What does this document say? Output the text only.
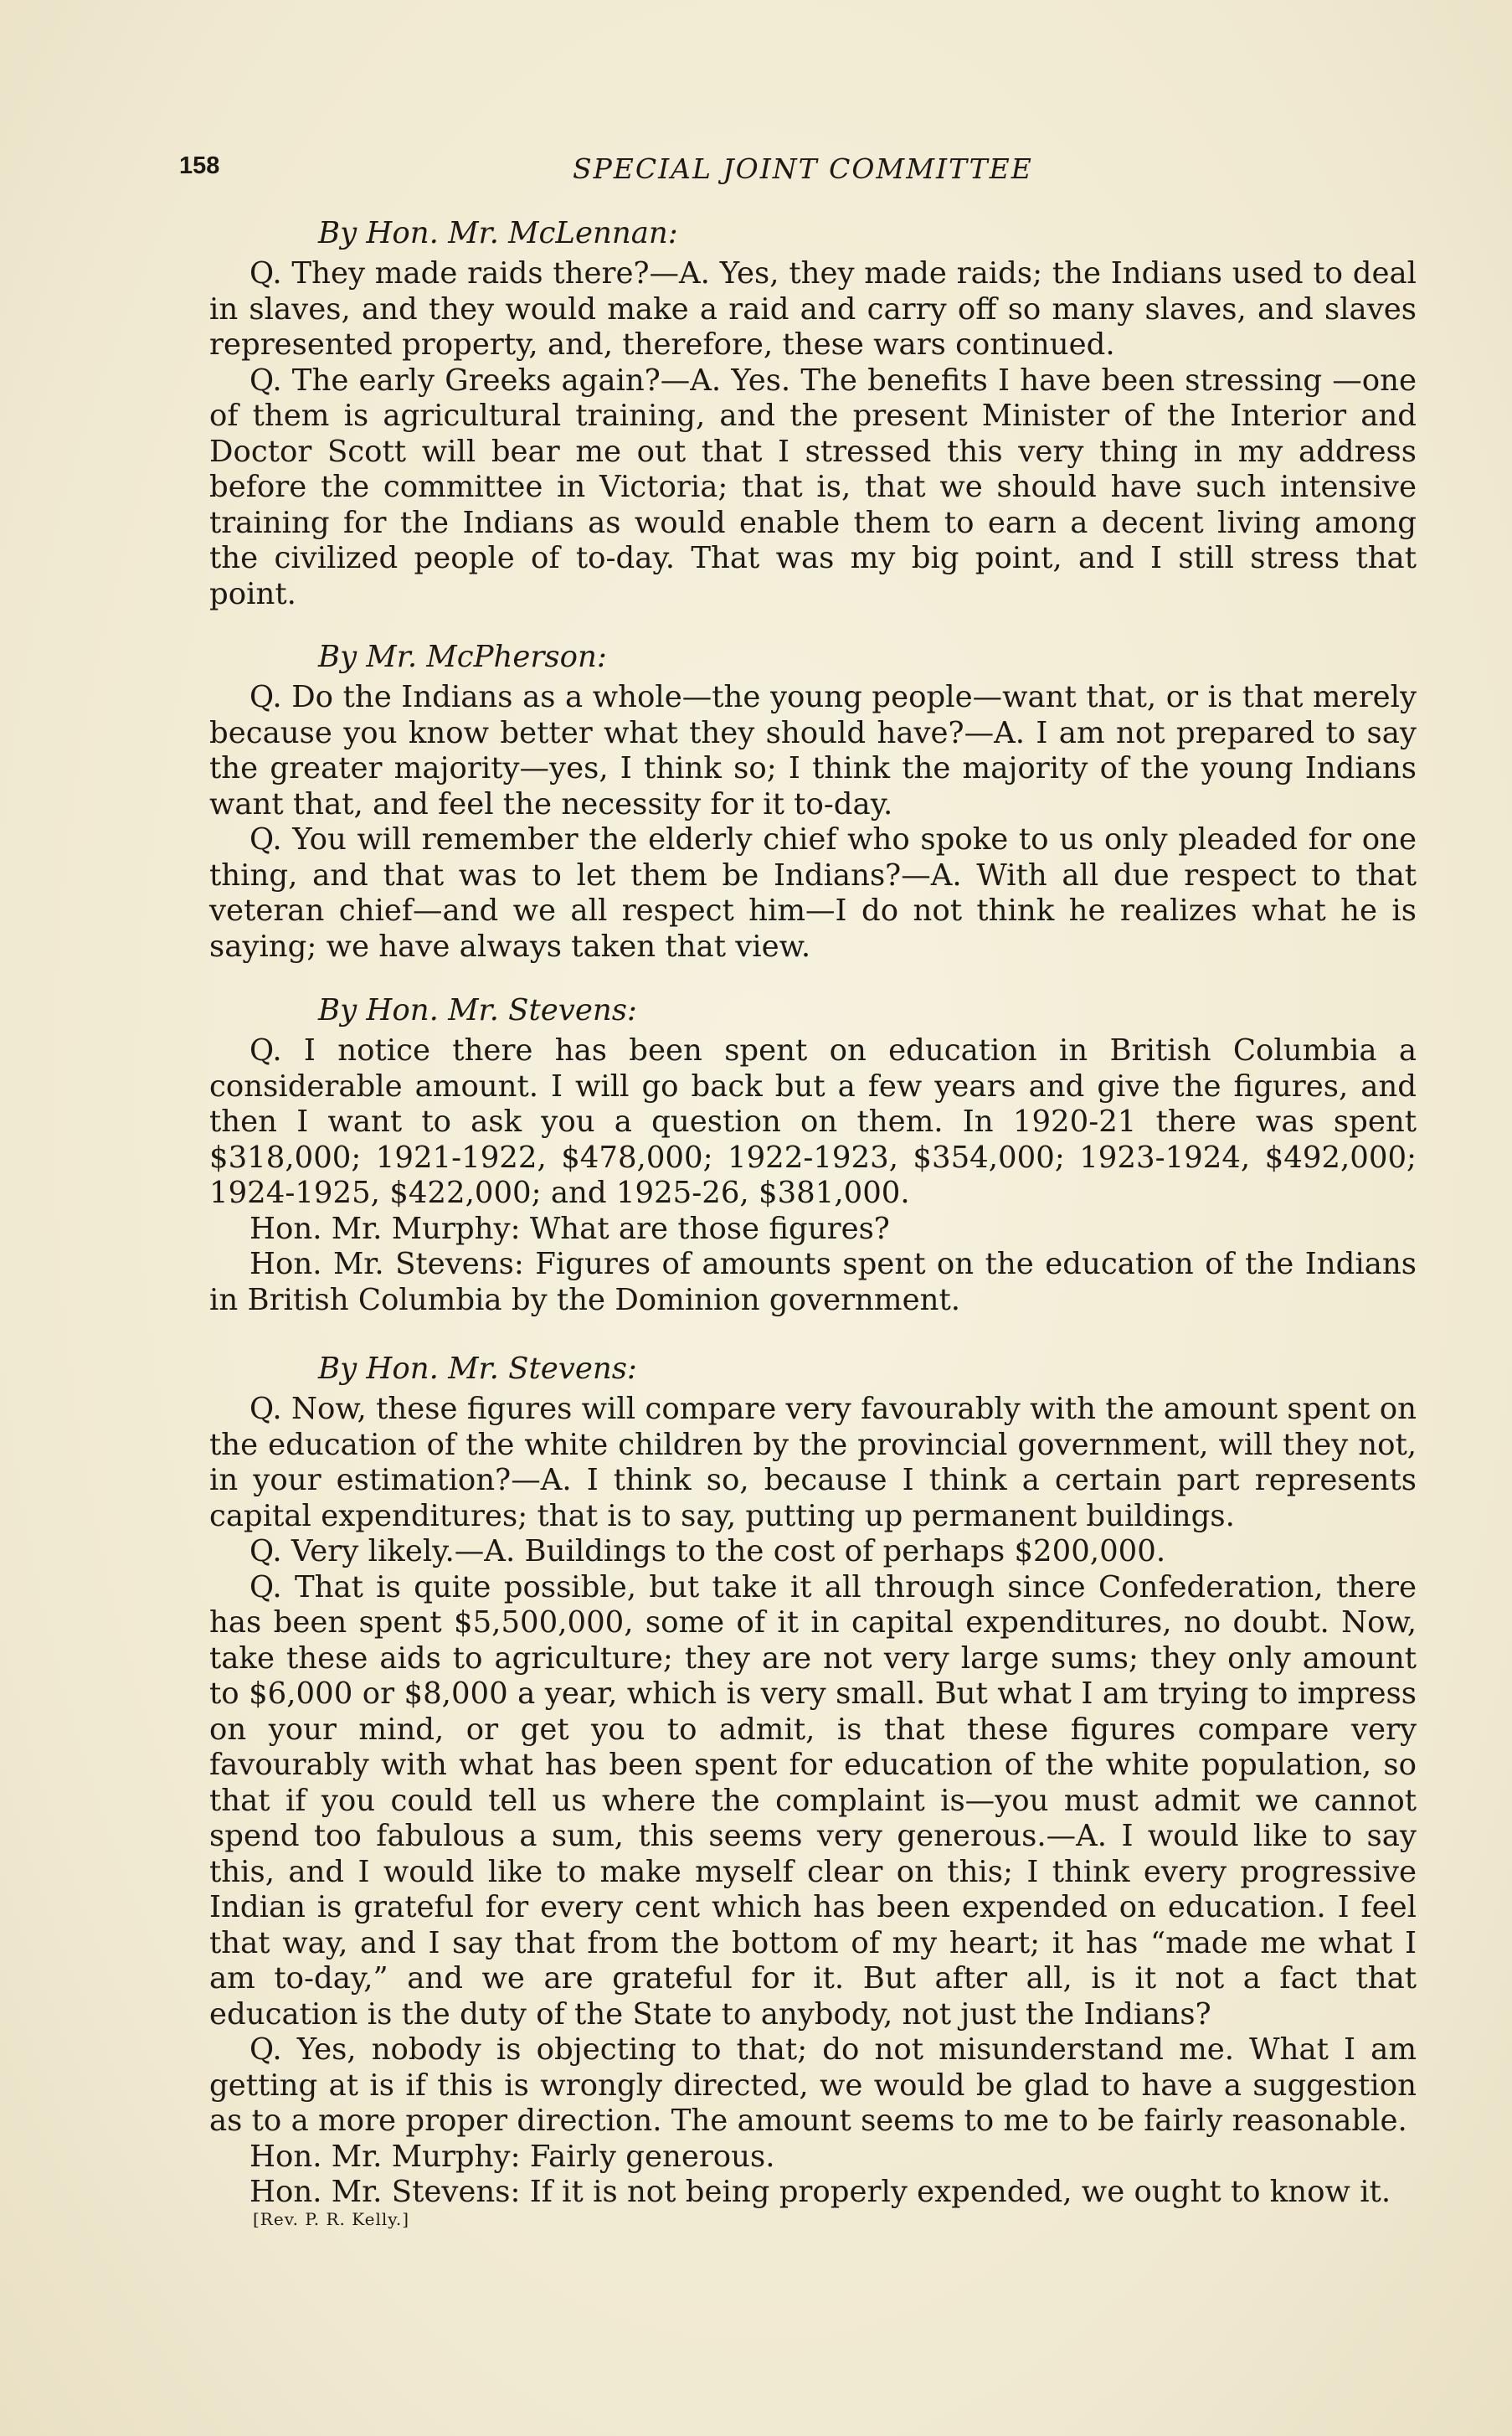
158	SPECIAL JOINT COMMITTEE

By Hon. Mr. McLennan:

Q. They made raids there?—A. Yes, they made raids; the Indians used to deal in slaves, and they would make a raid and carry off so many slaves, and slaves represented property, and, therefore, these wars continued.

Q. The early Greeks again?—A. Yes. The benefits I have been stressing —one of them is agricultural training, and the present Minister of the Interior and Doctor Scott will bear me out that I stressed this very thing in my address before the committee in Victoria; that is, that we should have such intensive training for the Indians as would enable them to earn a decent living among the civilized people of to-day. That was my big point, and I still stress that point.

By Mr. McPherson:

Q. Do the Indians as a whole—the young people—want that, or is that merely because you know better what they should have?—A. I am not prepared to say the greater majority—yes, I think so; I think the majority of the young Indians want that, and feel the necessity for it to-day.

Q. You will remember the elderly chief who spoke to us only pleaded for one thing, and that was to let them be Indians?—A. With all due respect to that veteran chief—and we all respect him—I do not think he realizes what he is saying; we have always taken that view.

By Hon. Mr. Stevens:

Q. I notice there has been spent on education in British Columbia a considerable amount. I will go back but a few years and give the figures, and then I want to ask you a question on them. In 1920-21 there was spent $318,000; 1921-1922, $478,000; 1922-1923, $354,000; 1923-1924, $492,000; 1924-1925, $422,000; and 1925-26, $381,000.

Hon. Mr. Murphy: What are those figures?

Hon. Mr. Stevens: Figures of amounts spent on the education of the Indians in British Columbia by the Dominion government.

By Hon. Mr. Stevens:

Q. Now, these figures will compare very favourably with the amount spent on the education of the white children by the provincial government, will they not, in your estimation?—A. I think so, because I think a certain part represents capital expenditures; that is to say, putting up permanent buildings.

Q. Very likely.—A. Buildings to the cost of perhaps $200,000.

Q. That is quite possible, but take it all through since Confederation, there has been spent $5,500,000, some of it in capital expenditures, no doubt. Now, take these aids to agriculture; they are not very large sums; they only amount to $6,000 or $8,000 a year, which is very small. But what I am trying to impress on your mind, or get you to admit, is that these figures compare very favourably with what has been spent for education of the white population, so that if you could tell us where the complaint is—you must admit we cannot spend too fabulous a sum, this seems very generous.—A. I would like to say this, and I would like to make myself clear on this; I think every progressive Indian is grateful for every cent which has been expended on education. I feel that way, and I say that from the bottom of my heart; it has “made me what I am to-day,” and we are grateful for it. But after all, is it not a fact that education is the duty of the State to anybody, not just the Indians?

Q. Yes, nobody is objecting to that; do not misunderstand me. What I am getting at is if this is wrongly directed, we would be glad to have a suggestion as to a more proper direction. The amount seems to me to be fairly reasonable.

Hon. Mr. Murphy: Fairly generous.

Hon. Mr. Stevens: If it is not being properly expended, we ought to know it.

[Rev. P. R. Kelly.]
